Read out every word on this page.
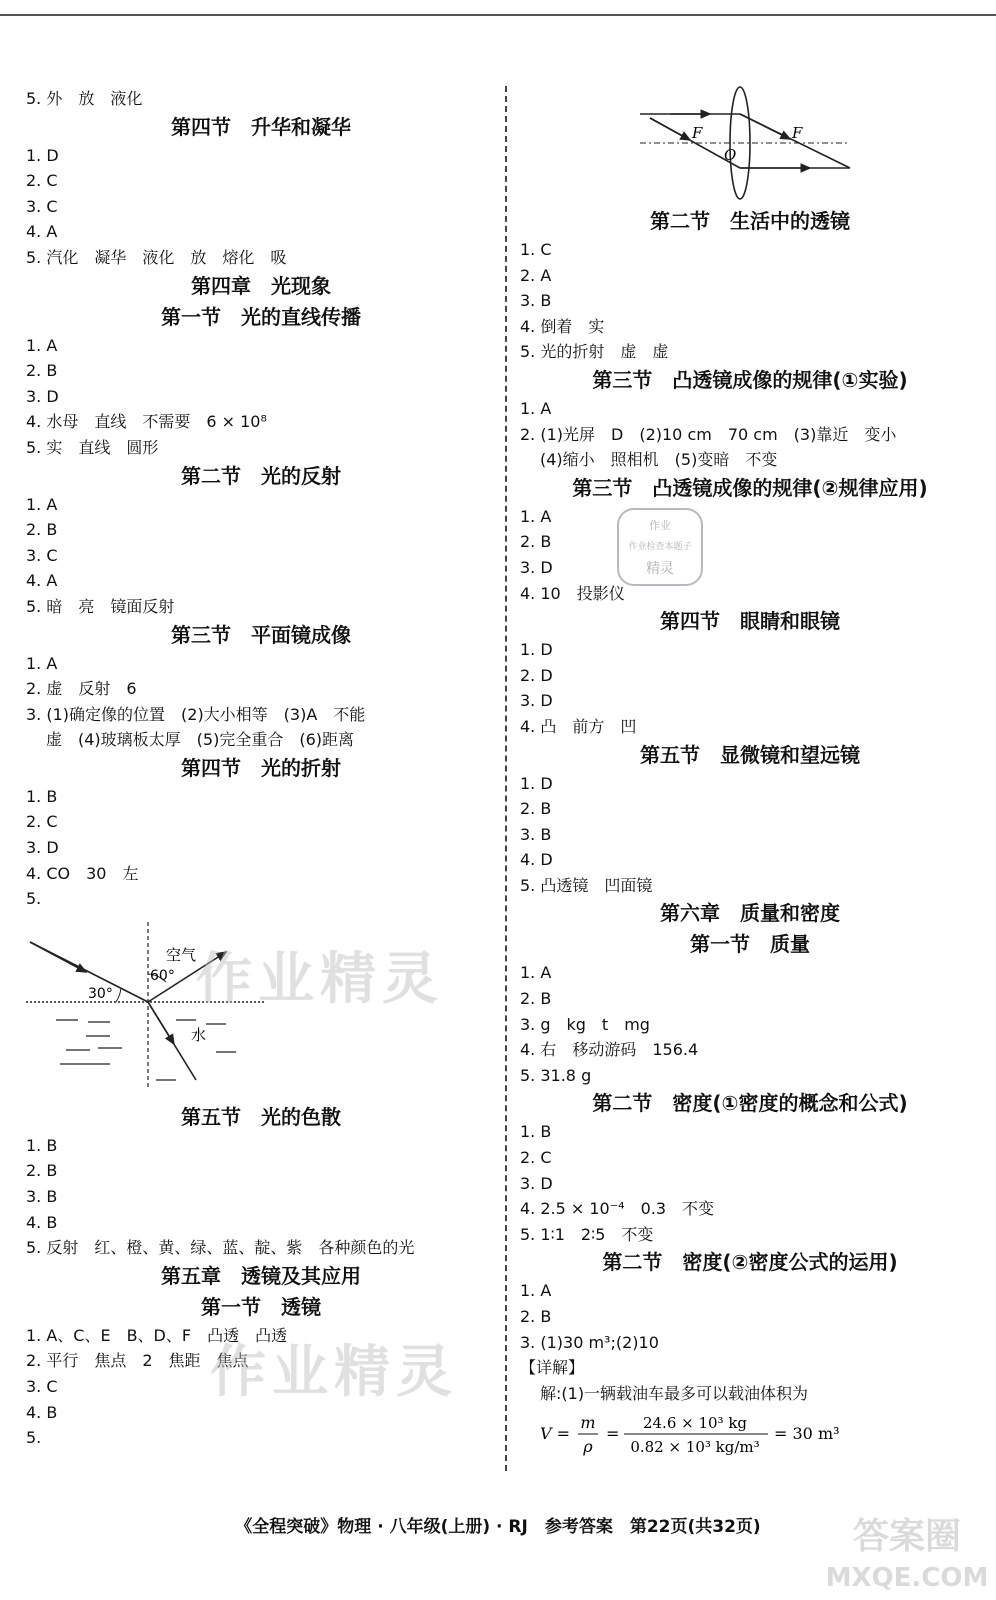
5. 外　放　液化
第四节　升华和凝华
1. D
2. C
3. C
4. A
5. 汽化　凝华　液化　放　熔化　吸
第四章　光现象
第一节　光的直线传播
1. A
2. B
3. D
4. 水母　直线　不需要　6 × 10⁸
5. 实　直线　圆形
第二节　光的反射
1. A
2. B
3. C
4. A
5. 暗　亮　镜面反射
第三节　平面镜成像
1. A
2. 虚　反射　6
3. (1)确定像的位置　(2)大小相等　(3)A　不能
虚　(4)玻璃板太厚　(5)完全重合　(6)距离
第四节　光的折射
1. B
2. C
3. D
4. CO　30　左
5.
空气
水
30°
60°
第五节　光的色散
1. B
2. B
3. B
4. B
5. 反射　红、橙、黄、绿、蓝、靛、紫　各种颜色的光
第五章　透镜及其应用
第一节　透镜
1. A、C、E　B、D、F　凸透　凸透
2. 平行　焦点　2　焦距　焦点
3. C
4. B
5.
F	F
O
第二节　生活中的透镜
1. C
2. A
3. B
4. 倒着　实
5. 光的折射　虚　虚
第三节　凸透镜成像的规律(①实验)
1. A
2. (1)光屏　D　(2)10 cm　70 cm　(3)靠近　变小
(4)缩小　照相机　(5)变暗　不变
第三节　凸透镜成像的规律(②规律应用)
1. A
2. B
3. D
4. 10　投影仪
第四节　眼睛和眼镜
1. D
2. D
3. D
4. 凸　前方　凹
第五节　显微镜和望远镜
1. D
2. B
3. B
4. D
5. 凸透镜　凹面镜
第六章　质量和密度
第一节　质量
1. A
2. B
3. g　kg　t　mg
4. 右　移动游码　156.4
5. 31.8 g
第二节　密度(①密度的概念和公式)
1. B
2. C
3. D
4. 2.5 × 10⁻⁴　0.3　不变
5. 1∶1　2∶5　不变
第二节　密度(②密度公式的运用)
1. A
2. B
3. (1)30 m³;(2)10
【详解】
解:(1)一辆载油车最多可以载油体积为
V =
m
ρ
=
24.6 × 10³ kg
0.82 × 10³ kg/m³
= 30 m³
作业精灵
作业精灵
作业
作业检查本题子
精灵
《全程突破》物理 · 八年级(上册) · RJ　参考答案　第22页(共32页)	答案圈
MXQE.COM
